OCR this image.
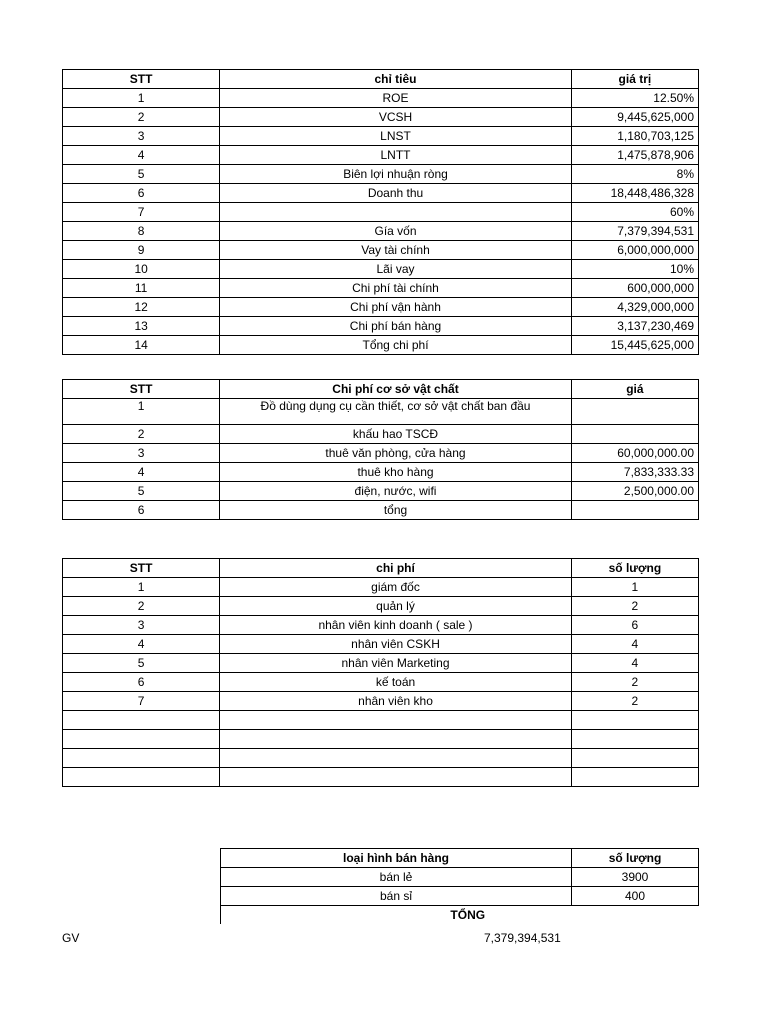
STT	chỉ tiêu	giá trị
1	ROE	12.50%
2	VCSH	9,445,625,000
3	LNST	1,180,703,125
4	LNTT	1,475,878,906
5	Biên lợi nhuận ròng	8%
6	Doanh thu	18,448,486,328
7		60%
8	Gía vốn	7,379,394,531
9	Vay tài chính	6,000,000,000
10	Lãi vay	10%
11	Chi phí tài chính	600,000,000
12	Chi phí vận hành	4,329,000,000
13	Chi phí bán hàng	3,137,230,469
14	Tổng chi phí	15,445,625,000
STT	Chi phí cơ sở vật chất	giá
1	Đồ dùng dụng cụ cần thiết, cơ sở vật chất ban đầu	
2	khấu hao TSCĐ	
3	thuê văn phòng, cửa hàng	60,000,000.00
4	thuê kho hàng	7,833,333.33
5	điện, nước, wifi	2,500,000.00
6	tổng	
STT	chi phí	số lượng
1	giám đốc	1
2	quản lý	2
3	nhân viên kinh doanh ( sale )	6
4	nhân viên CSKH	4
5	nhân viên Marketing	4
6	kế toán	2
7	nhân viên kho	2

loại hình bán hàng	số lượng
bán lẻ	3900
bán sỉ	400
TỔNG	
GV	7,379,394,531
